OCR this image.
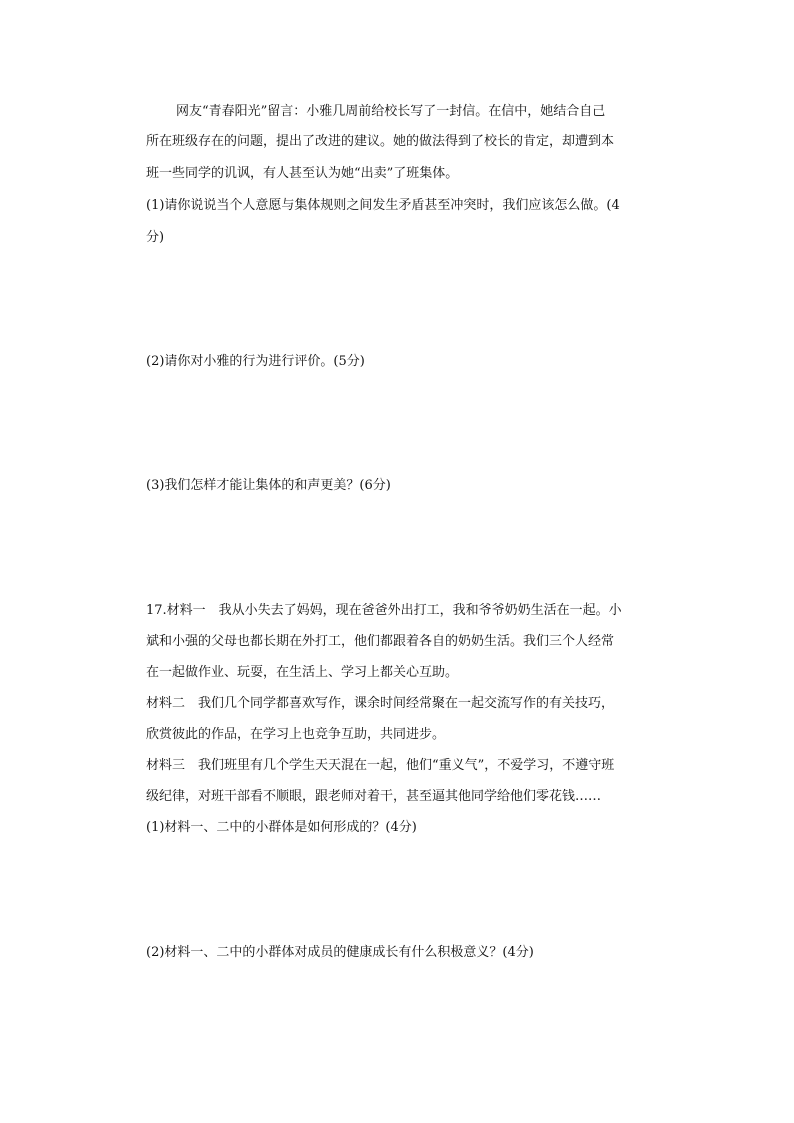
网友“青春阳光”留言：小雅几周前给校长写了一封信。在信中，她结合自己
所在班级存在的问题，提出了改进的建议。她的做法得到了校长的肯定，却遭到本
班一些同学的讥讽，有人甚至认为她“出卖”了班集体。
(1)请你说说当个人意愿与集体规则之间发生矛盾甚至冲突时，我们应该怎么做。(4
分)
(2)请你对小雅的行为进行评价。(5分)
(3)我们怎样才能让集体的和声更美？(6分)
17.材料一　我从小失去了妈妈，现在爸爸外出打工，我和爷爷奶奶生活在一起。小
斌和小强的父母也都长期在外打工，他们都跟着各自的奶奶生活。我们三个人经常
在一起做作业、玩耍，在生活上、学习上都关心互助。
材料二　我们几个同学都喜欢写作，课余时间经常聚在一起交流写作的有关技巧，
欣赏彼此的作品，在学习上也竞争互助，共同进步。
材料三　我们班里有几个学生天天混在一起，他们“重义气”，不爱学习，不遵守班
级纪律，对班干部看不顺眼，跟老师对着干，甚至逼其他同学给他们零花钱……
(1)材料一、二中的小群体是如何形成的？(4分)
(2)材料一、二中的小群体对成员的健康成长有什么积极意义？(4分)
